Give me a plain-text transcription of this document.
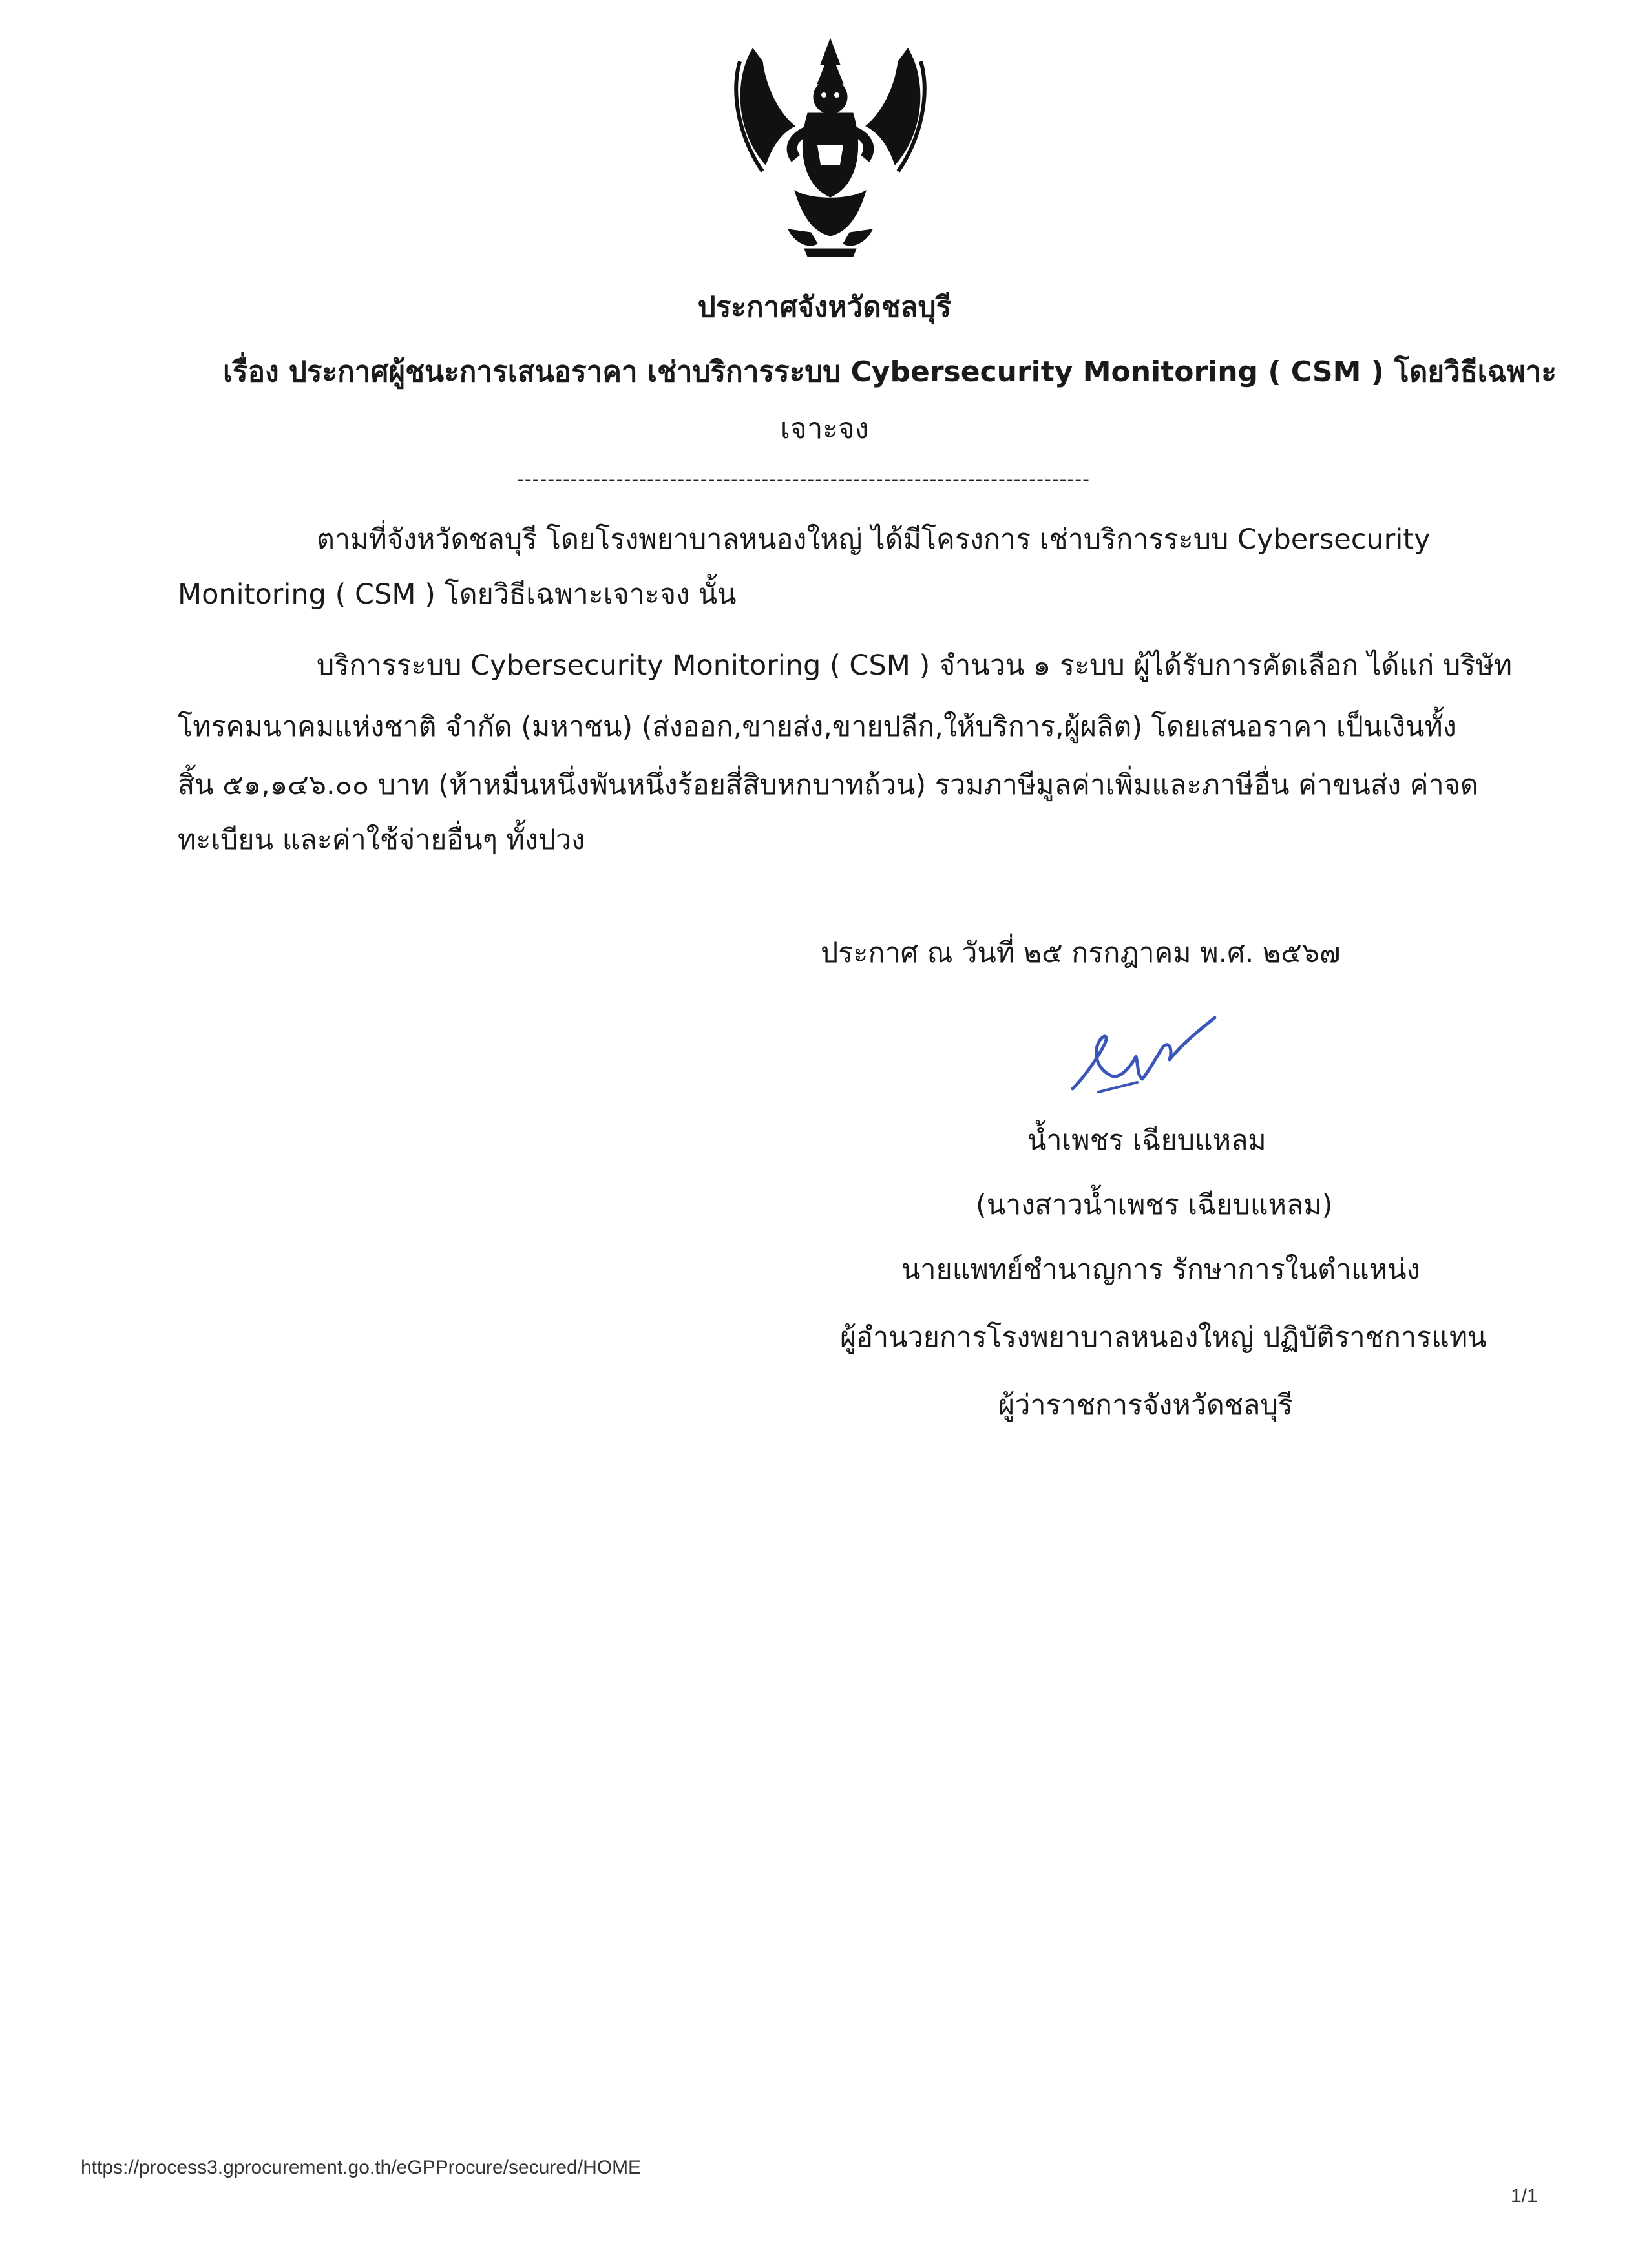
ประกาศจังหวัดชลบุรี
เรื่อง ประกาศผู้ชนะการเสนอราคา เช่าบริการระบบ Cybersecurity Monitoring ( CSM ) โดยวิธีเฉพาะ
เจาะจง
---------------------------------------------------------------------------
ตามที่จังหวัดชลบุรี โดยโรงพยาบาลหนองใหญ่ ได้มีโครงการ เช่าบริการระบบ Cybersecurity
Monitoring ( CSM ) โดยวิธีเฉพาะเจาะจง นั้น
บริการระบบ Cybersecurity Monitoring ( CSM ) จำนวน ๑ ระบบ ผู้ได้รับการคัดเลือก ได้แก่ บริษัท
โทรคมนาคมแห่งชาติ จำกัด (มหาชน) (ส่งออก,ขายส่ง,ขายปลีก,ให้บริการ,ผู้ผลิต) โดยเสนอราคา เป็นเงินทั้ง
สิ้น ๕๑,๑๔๖.๐๐ บาท (ห้าหมื่นหนึ่งพันหนึ่งร้อยสี่สิบหกบาทถ้วน) รวมภาษีมูลค่าเพิ่มและภาษีอื่น ค่าขนส่ง ค่าจด
ทะเบียน และค่าใช้จ่ายอื่นๆ ทั้งปวง
ประกาศ ณ วันที่ ๒๕ กรกฎาคม พ.ศ. ๒๕๖๗
น้ำเพชร เฉียบแหลม
(นางสาวน้ำเพชร เฉียบแหลม)
นายแพทย์ชำนาญการ รักษาการในตำแหน่ง
ผู้อำนวยการโรงพยาบาลหนองใหญ่ ปฏิบัติราชการแทน
ผู้ว่าราชการจังหวัดชลบุรี
https://process3.gprocurement.go.th/eGPProcure/secured/HOME
1/1
